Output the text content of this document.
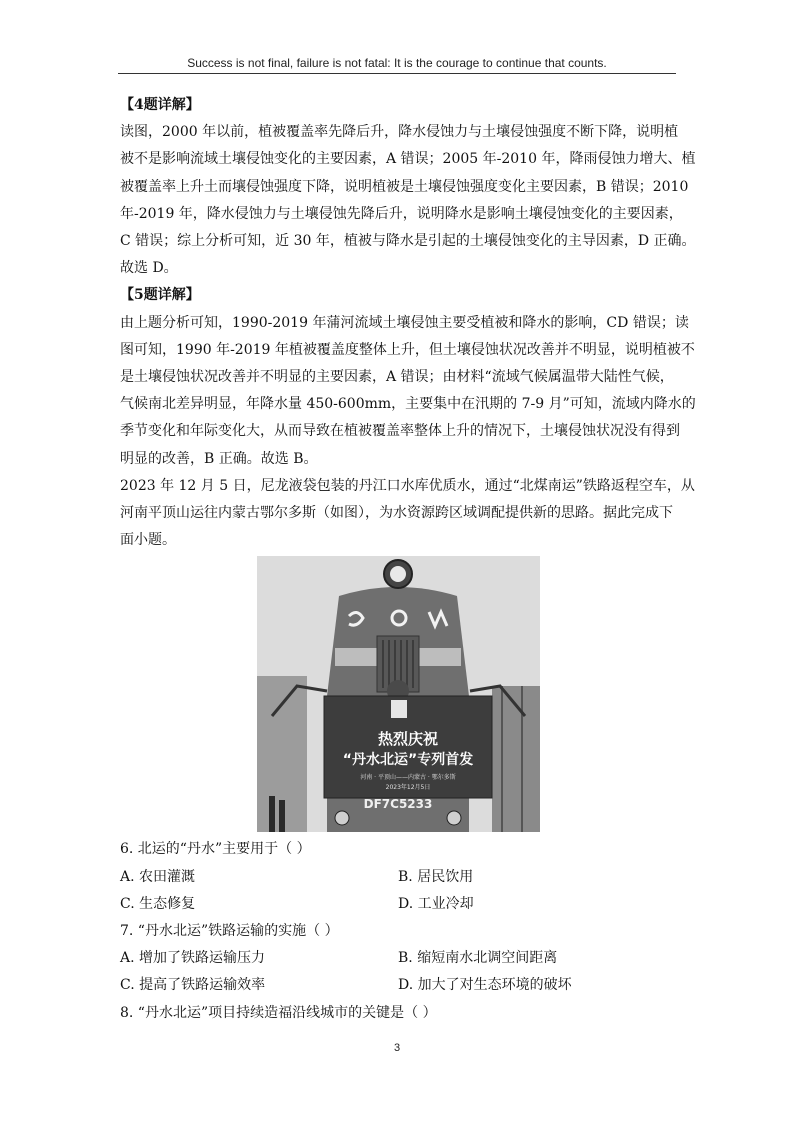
Success is not final, failure is not fatal: It is the courage to continue that counts.

【4题详解】

读图，2000 年以前，植被覆盖率先降后升，降水侵蚀力与土壤侵蚀强度不断下降，说明植

被不是影响流域土壤侵蚀变化的主要因素，A 错误；2005 年-2010 年，降雨侵蚀力增大、植

被覆盖率上升土而壤侵蚀强度下降，说明植被是土壤侵蚀强度变化主要因素，B 错误；2010

年-2019 年，降水侵蚀力与土壤侵蚀先降后升，说明降水是影响土壤侵蚀变化的主要因素，

C 错误；综上分析可知，近 30 年，植被与降水是引起的土壤侵蚀变化的主导因素，D 正确。

故选 D。

【5题详解】

由上题分析可知，1990-2019 年蒲河流域土壤侵蚀主要受植被和降水的影响，CD 错误；读

图可知，1990 年-2019 年植被覆盖度整体上升，但土壤侵蚀状况改善并不明显，说明植被不

是土壤侵蚀状况改善并不明显的主要因素，A 错误；由材料“流域气候属温带大陆性气候，

气候南北差异明显，年降水量 450-600mm，主要集中在汛期的 7-9 月”可知，流域内降水的

季节变化和年际变化大，从而导致在植被覆盖率整体上升的情况下，土壤侵蚀状况没有得到

明显的改善，B 正确。故选 B。

2023 年 12 月 5 日，尼龙液袋包装的丹江口水库优质水，通过“北煤南运”铁路返程空车，从

河南平顶山运往内蒙古鄂尔多斯（如图），为水资源跨区域调配提供新的思路。据此完成下

面小题。

热烈庆祝
“丹水北运”专列首发
河南 · 平顶山——内蒙古 · 鄂尔多斯
2023年12月5日
DF7C5233

6. 北运的“丹水”主要用于（ ）

A. 农田灌溉	B. 居民饮用

C. 生态修复	D. 工业冷却

7. “丹水北运”铁路运输的实施（ ）

A. 增加了铁路运输压力	B. 缩短南水北调空间距离

C. 提高了铁路运输效率	D. 加大了对生态环境的破坏

8. “丹水北运”项目持续造福沿线城市的关键是（ ）

3
